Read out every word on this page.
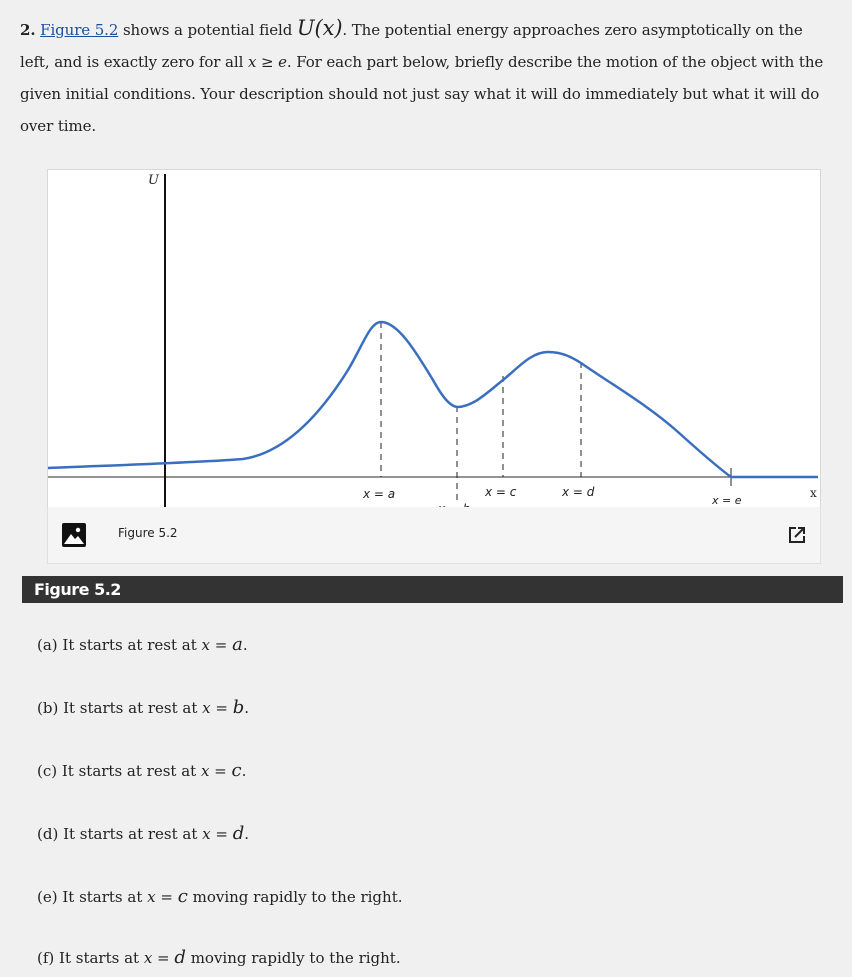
2. Figure 5.2 shows a potential field U(x). The potential energy approaches zero asymptotically on the left, and is exactly zero for all x ≥ e. For each part below, briefly describe the motion of the object with the given initial conditions. Your description should not just say what it will do immediately but what it will do over time.
U
x
x = a	x = c	x = d
x = e
Figure 5.2
Figure 5.2
(a) It starts at rest at x = a.
(b) It starts at rest at x = b.
(c) It starts at rest at x = c.
(d) It starts at rest at x = d.
(e) It starts at x = c moving rapidly to the right.
(f) It starts at x = d moving rapidly to the right.
